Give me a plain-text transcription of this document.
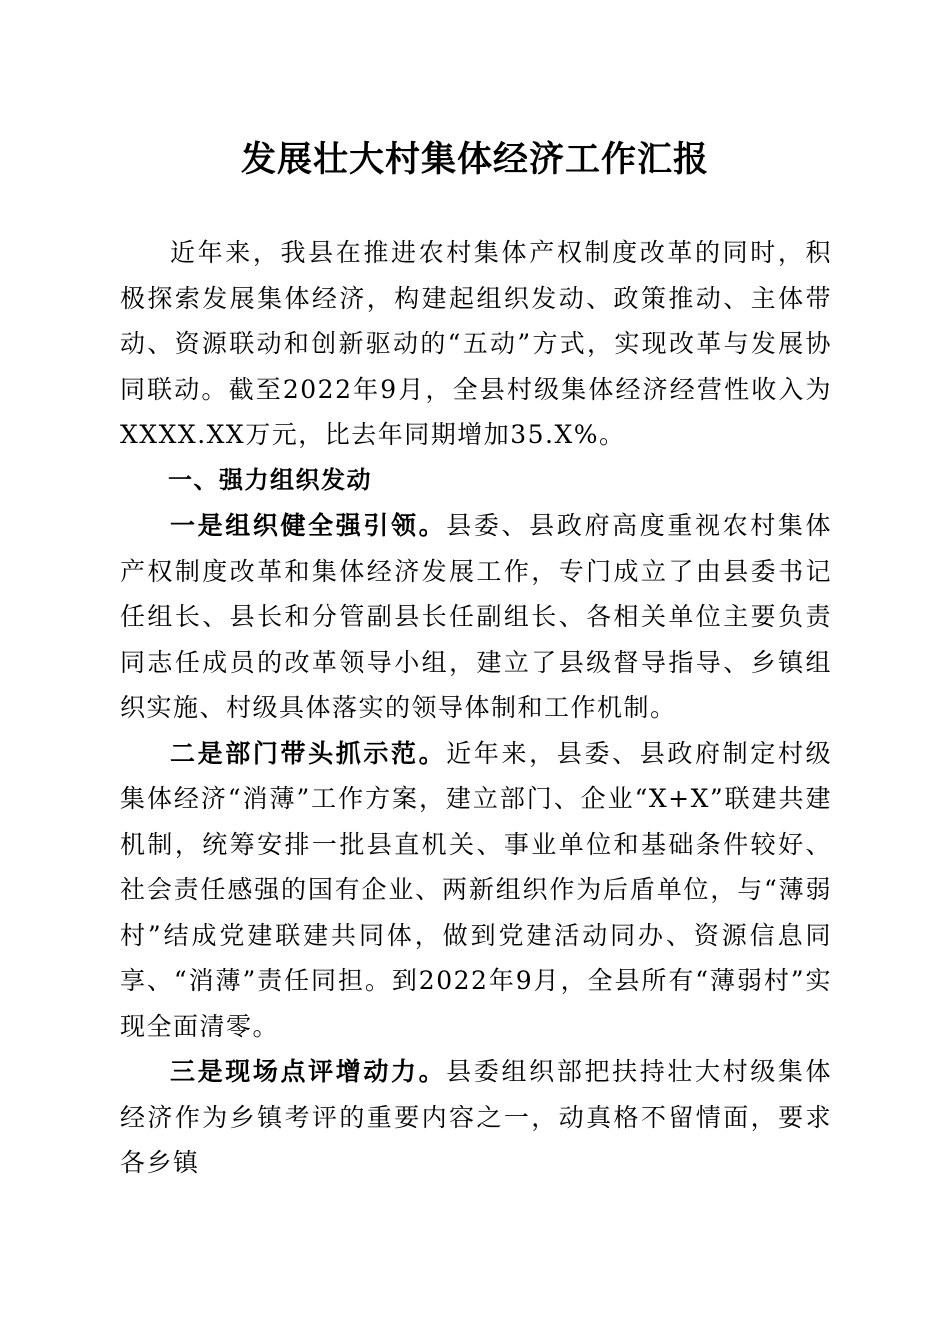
发展壮大村集体经济工作汇报

近年来，我县在推进农村集体产权制度改革的同时，积极探索发展集体经济，构建起组织发动、政策推动、主体带动、资源联动和创新驱动的“五动”方式，实现改革与发展协同联动。截至2022年9月，全县村级集体经济经营性收入为XXXX.XX万元，比去年同期增加35.X%。

一、强力组织发动

一是组织健全强引领。县委、县政府高度重视农村集体产权制度改革和集体经济发展工作，专门成立了由县委书记任组长、县长和分管副县长任副组长、各相关单位主要负责同志任成员的改革领导小组，建立了县级督导指导、乡镇组织实施、村级具体落实的领导体制和工作机制。

二是部门带头抓示范。近年来，县委、县政府制定村级集体经济“消薄”工作方案，建立部门、企业“X+X”联建共建机制，统筹安排一批县直机关、事业单位和基础条件较好、社会责任感强的国有企业、两新组织作为后盾单位，与“薄弱村”结成党建联建共同体，做到党建活动同办、资源信息同享、“消薄”责任同担。到2022年9月，全县所有“薄弱村”实现全面清零。

三是现场点评增动力。县委组织部把扶持壮大村级集体经济作为乡镇考评的重要内容之一，动真格不留情面，要求各乡镇
